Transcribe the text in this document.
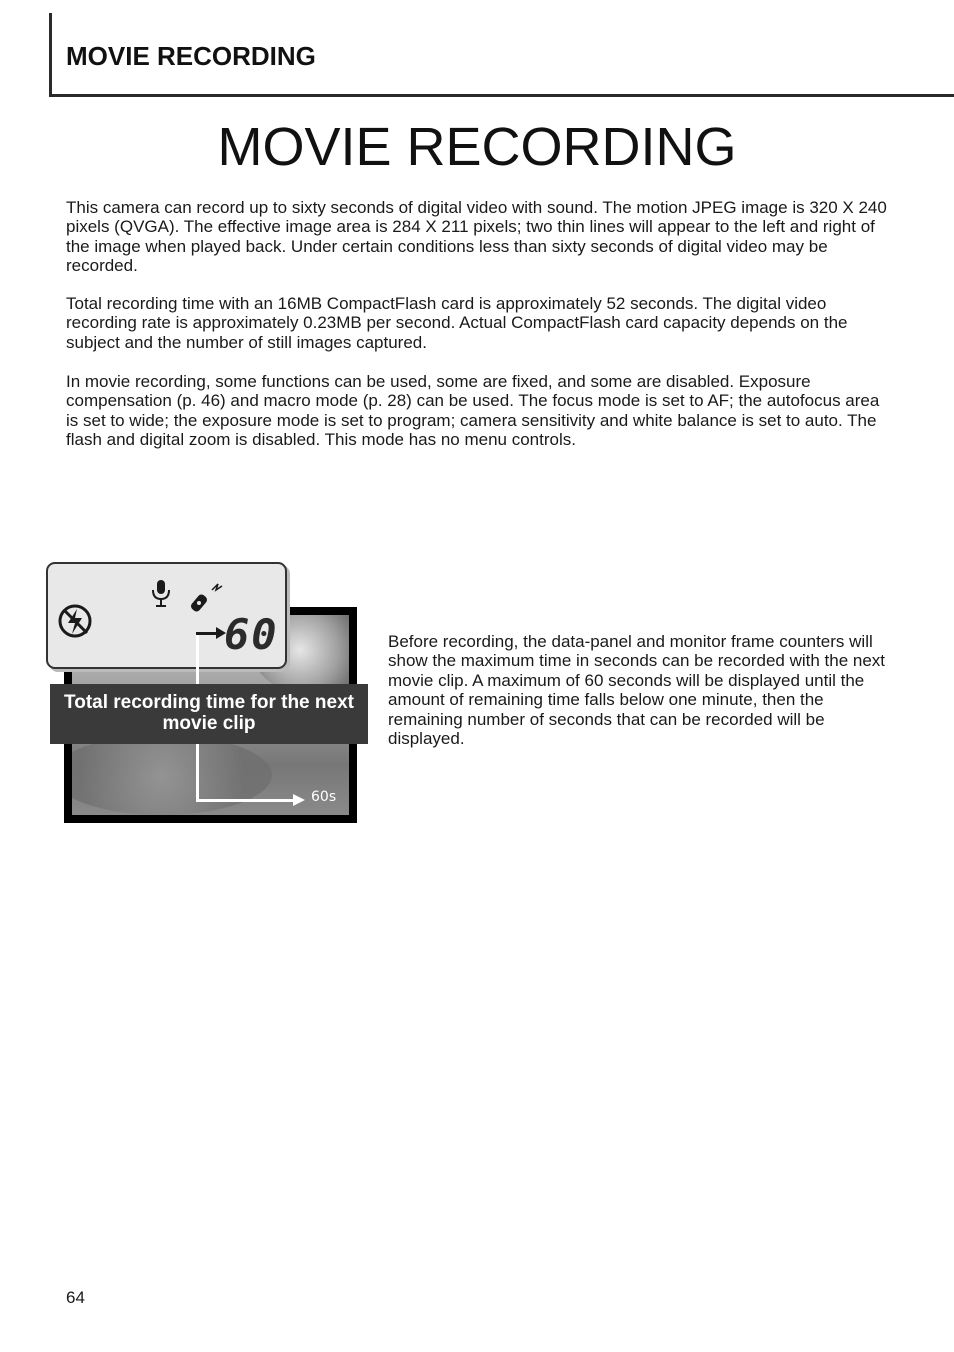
MOVIE RECORDING
MOVIE RECORDING

This camera can record up to sixty seconds of digital video with sound. The motion JPEG image is 320 X 240 pixels (QVGA). The effective image area is 284 X 211 pixels; two thin lines will appear to the left and right of the image when played back. Under certain conditions less than sixty seconds of digital video may be recorded.

Total recording time with an 16MB CompactFlash card is approximately 52 seconds. The digital video recording rate is approximately 0.23MB per second. Actual CompactFlash card capacity depends on the subject and the number of still images captured.

In movie recording, some functions can be used, some are fixed, and some are disabled. Exposure compensation (p. 46) and macro mode (p. 28) can be used. The focus mode is set to AF; the autofocus area is set to wide; the exposure mode is set to program; camera sensitivity and white balance is set to auto. The flash and digital zoom is disabled. This mode has no menu controls.

60
60s
Total recording time for the next movie clip

Before recording, the data-panel and monitor frame counters will show the maximum time in seconds can be recorded with the next movie clip. A maximum of 60 seconds will be displayed until the amount of remaining time falls below one minute, then the remaining number of seconds that can be recorded will be displayed.

64
